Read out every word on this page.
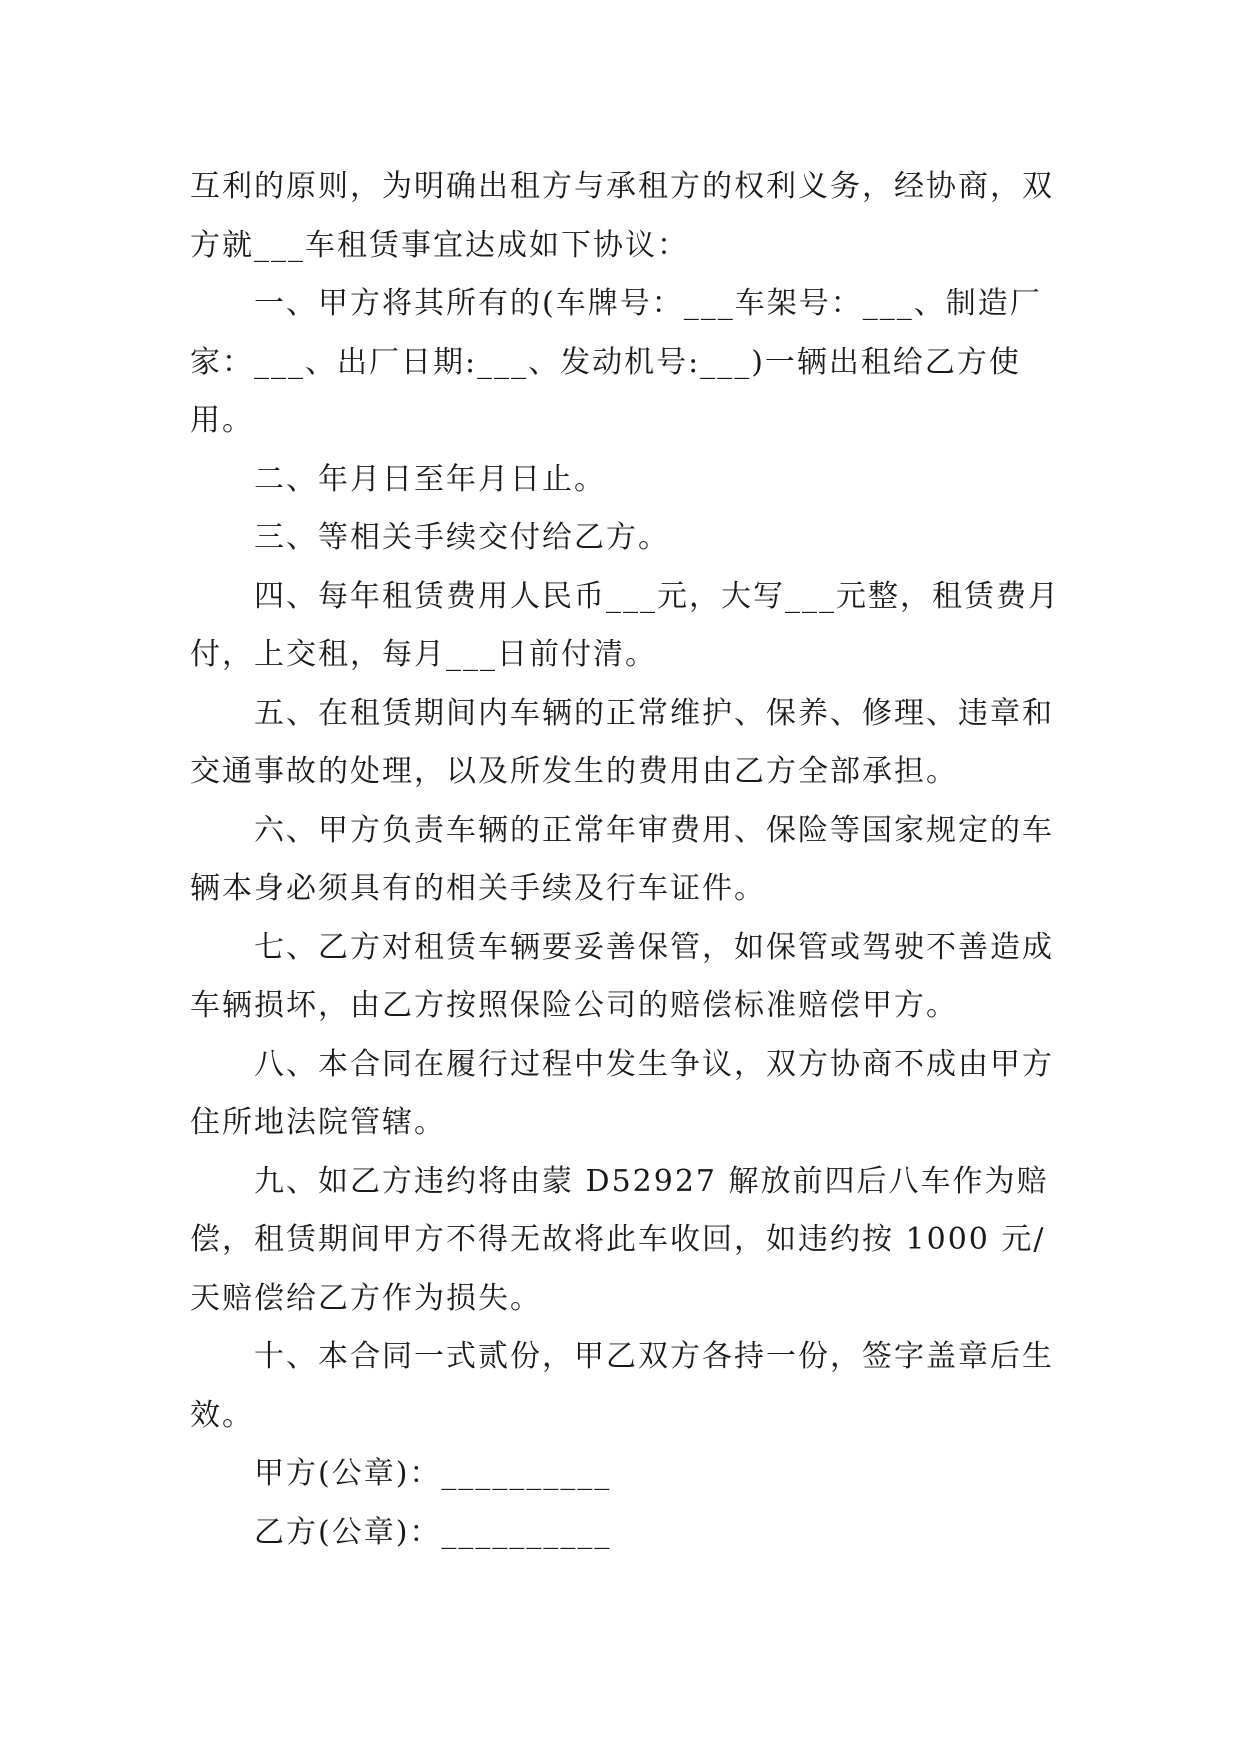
互利的原则，为明确出租方与承租方的权利义务，经协商，双方就___车租赁事宜达成如下协议：

一、甲方将其所有的(车牌号：___车架号：___、制造厂家：___、出厂日期:___、发动机号:___)一辆出租给乙方使用。

二、年月日至年月日止。

三、等相关手续交付给乙方。

四、每年租赁费用人民币___元，大写___元整，租赁费月付，上交租，每月___日前付清。

五、在租赁期间内车辆的正常维护、保养、修理、违章和交通事故的处理，以及所发生的费用由乙方全部承担。

六、甲方负责车辆的正常年审费用、保险等国家规定的车辆本身必须具有的相关手续及行车证件。

七、乙方对租赁车辆要妥善保管，如保管或驾驶不善造成车辆损坏，由乙方按照保险公司的赔偿标准赔偿甲方。

八、本合同在履行过程中发生争议，双方协商不成由甲方住所地法院管辖。

九、如乙方违约将由蒙 D52927 解放前四后八车作为赔偿，租赁期间甲方不得无故将此车收回，如违约按 1000 元/天赔偿给乙方作为损失。

十、本合同一式贰份，甲乙双方各持一份，签字盖章后生效。

甲方(公章)：__________

乙方(公章)：__________
